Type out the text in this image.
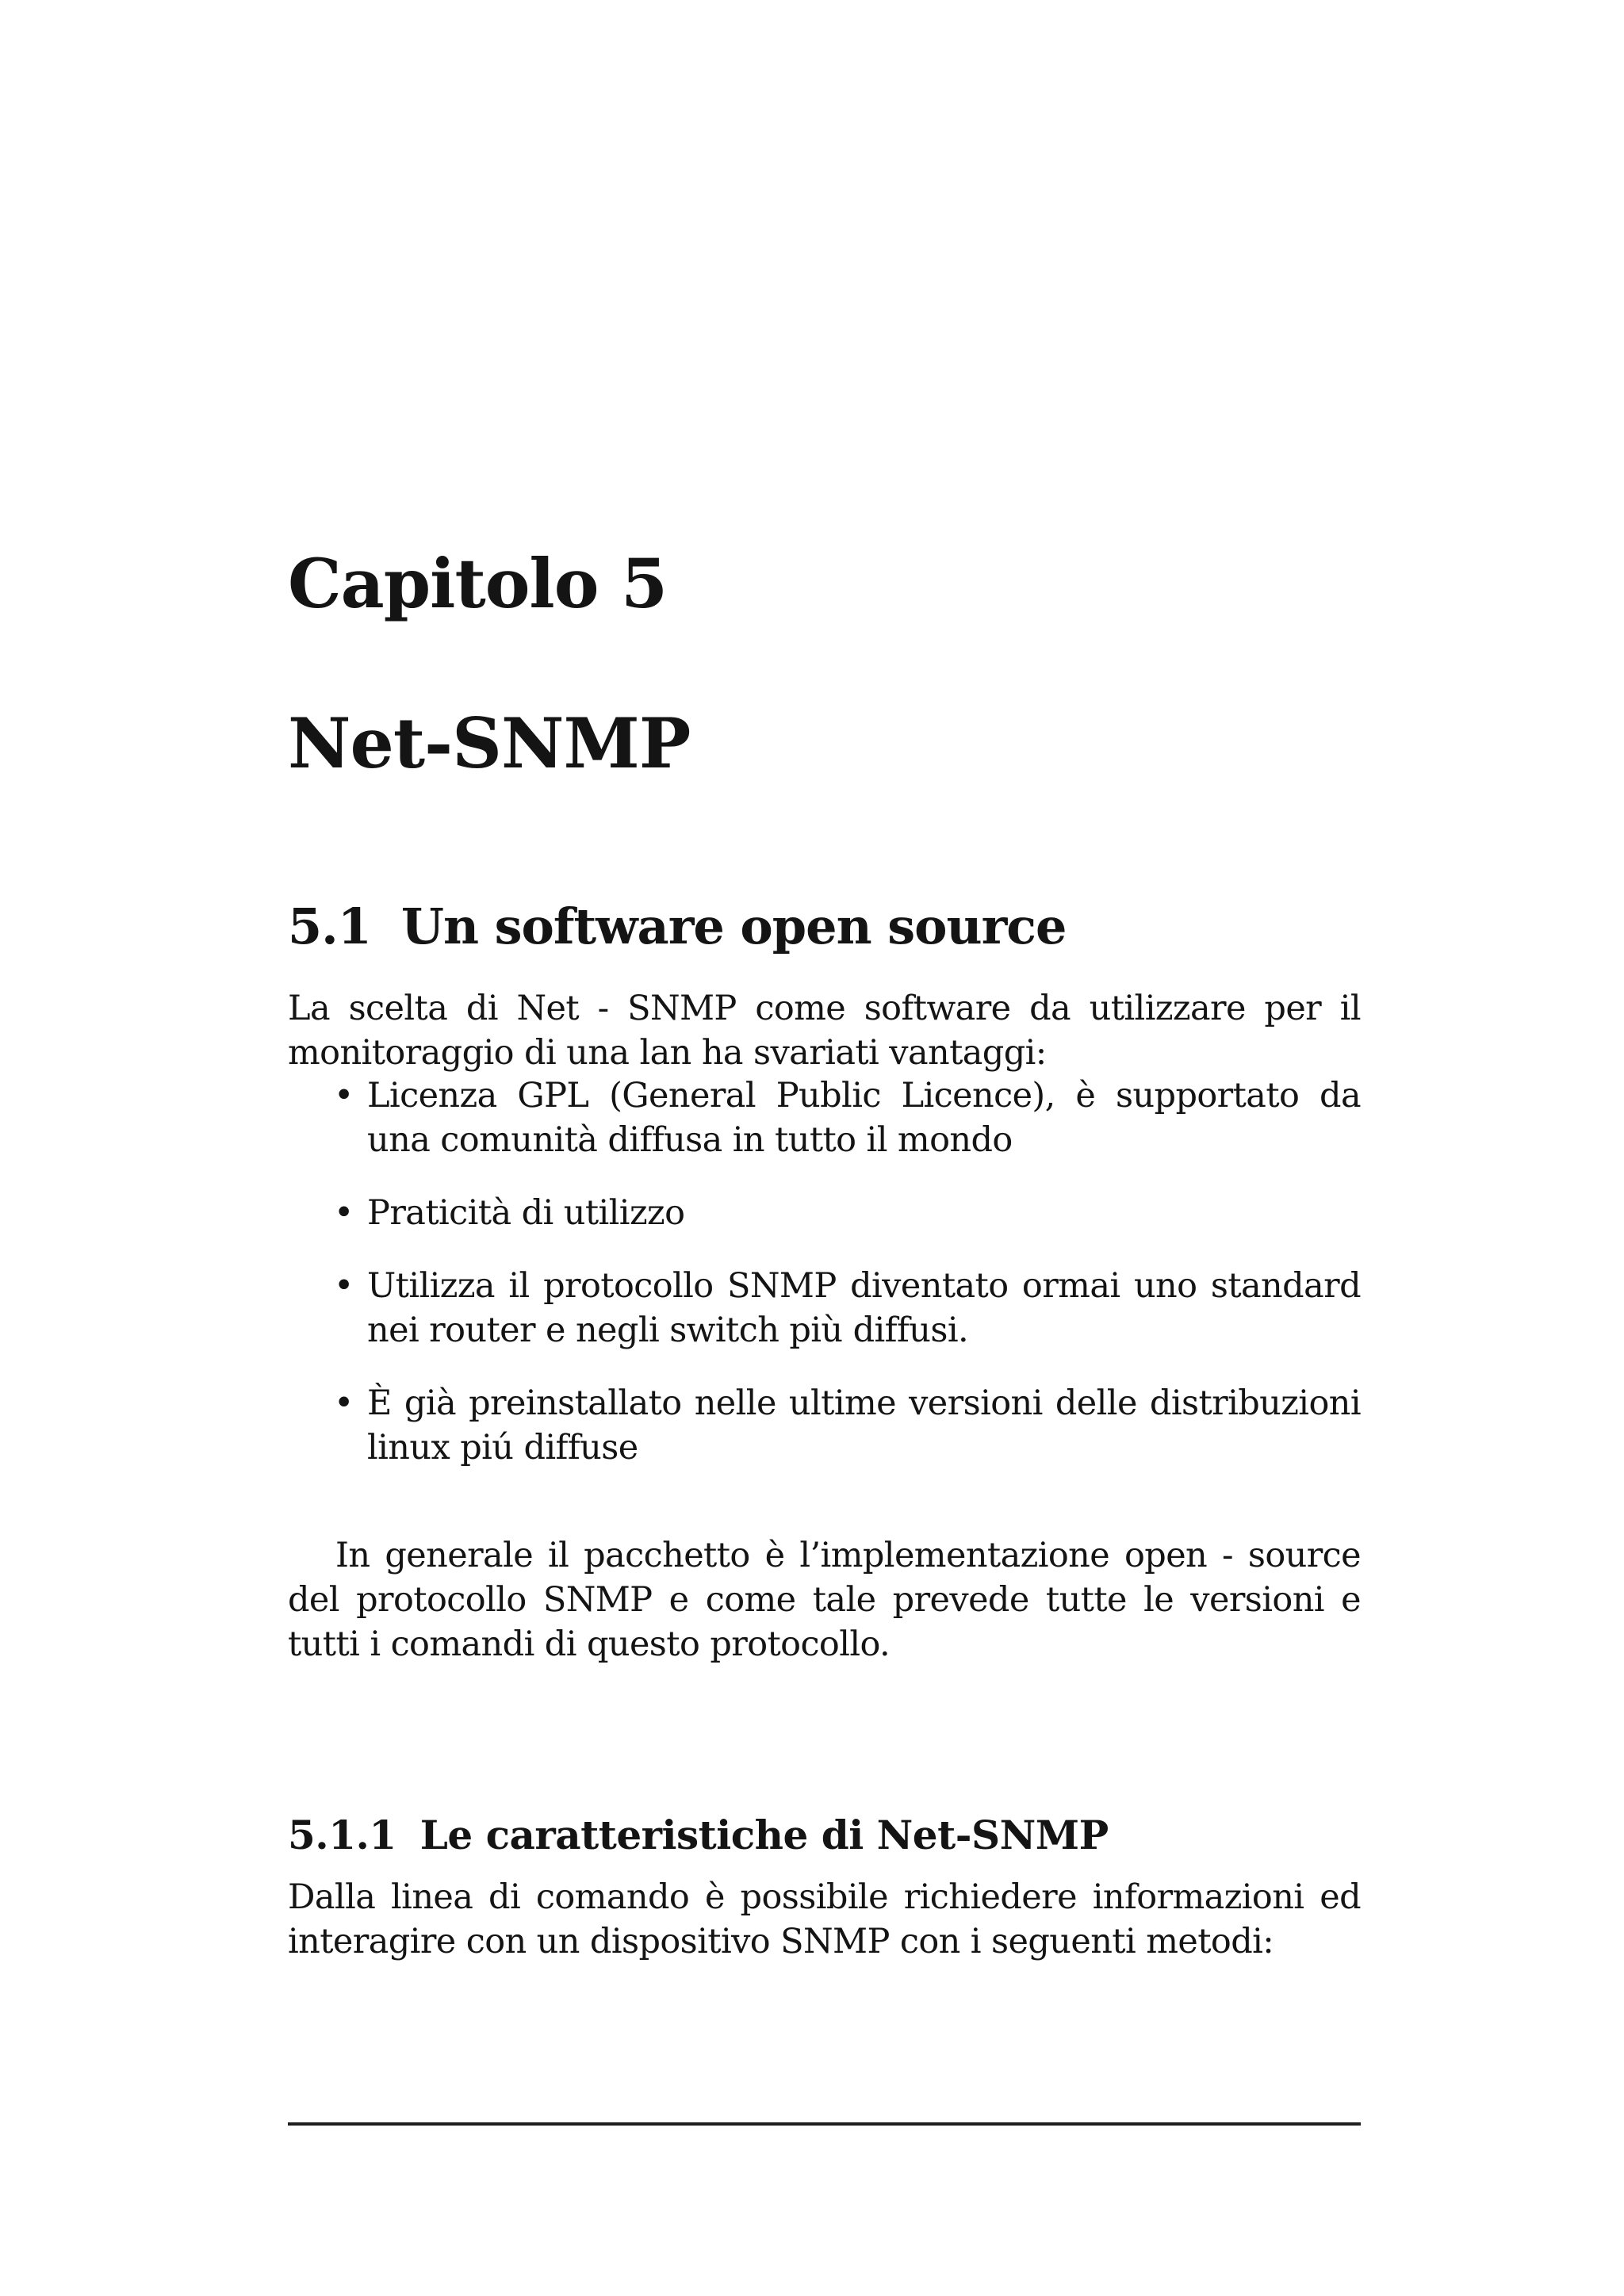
Capitolo 5
Net-SNMP
5.1 Un software open source

La scelta di Net - SNMP come software da utilizzare per il monitoraggio di una lan ha svariati vantaggi:

• Licenza GPL (General Public Licence), è supportato da una comunità diffusa in tutto il mondo
• Praticità di utilizzo
• Utilizza il protocollo SNMP diventato ormai uno standard nei router e negli switch più diffusi.
• È già preinstallato nelle ultime versioni delle distribuzioni linux piú diffuse

In generale il pacchetto è l’implementazione open - source del protocollo SNMP e come tale prevede tutte le versioni e tutti i comandi di questo protocollo.

5.1.1 Le caratteristiche di Net-SNMP

Dalla linea di comando è possibile richiedere informazioni ed interagire con un dispositivo SNMP con i seguenti metodi:
